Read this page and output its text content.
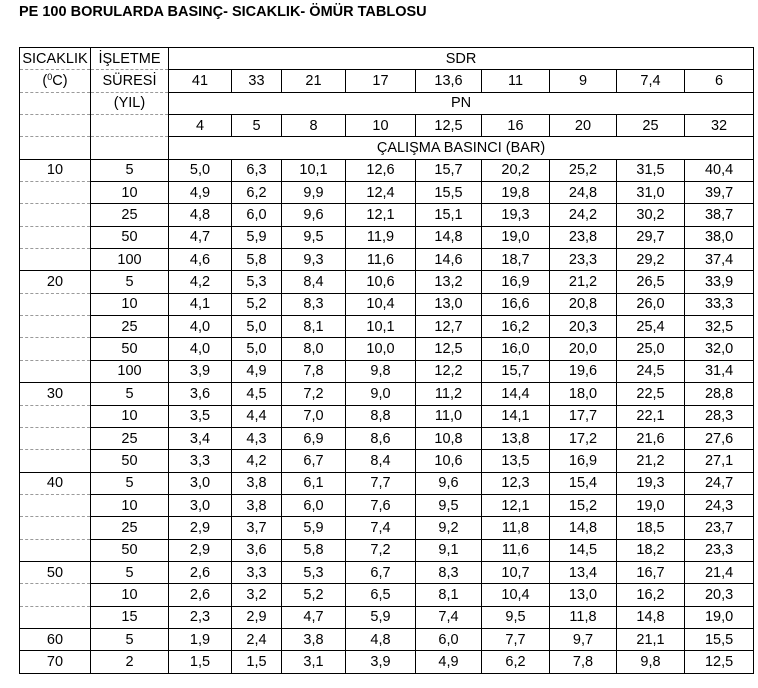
PE 100 BORULARDA BASINÇ- SICAKLIK- ÖMÜR TABLOSU
SICAKLIK	İŞLETME	SDR								
($^0$C)	SÜRESİ	41	33	21	17	13,6	11	9	7,4	6
	(YIL)	PN								
		4	5	8	10	12,5	16	20	25	32
		ÇALIŞMA BASINCI (BAR)								
10	5	5,0	6,3	10,1	12,6	15,7	20,2	25,2	31,5	40,4
	10	4,9	6,2	9,9	12,4	15,5	19,8	24,8	31,0	39,7
	25	4,8	6,0	9,6	12,1	15,1	19,3	24,2	30,2	38,7
	50	4,7	5,9	9,5	11,9	14,8	19,0	23,8	29,7	38,0
	100	4,6	5,8	9,3	11,6	14,6	18,7	23,3	29,2	37,4
20	5	4,2	5,3	8,4	10,6	13,2	16,9	21,2	26,5	33,9
	10	4,1	5,2	8,3	10,4	13,0	16,6	20,8	26,0	33,3
	25	4,0	5,0	8,1	10,1	12,7	16,2	20,3	25,4	32,5
	50	4,0	5,0	8,0	10,0	12,5	16,0	20,0	25,0	32,0
	100	3,9	4,9	7,8	9,8	12,2	15,7	19,6	24,5	31,4
30	5	3,6	4,5	7,2	9,0	11,2	14,4	18,0	22,5	28,8
	10	3,5	4,4	7,0	8,8	11,0	14,1	17,7	22,1	28,3
	25	3,4	4,3	6,9	8,6	10,8	13,8	17,2	21,6	27,6
	50	3,3	4,2	6,7	8,4	10,6	13,5	16,9	21,2	27,1
40	5	3,0	3,8	6,1	7,7	9,6	12,3	15,4	19,3	24,7
	10	3,0	3,8	6,0	7,6	9,5	12,1	15,2	19,0	24,3
	25	2,9	3,7	5,9	7,4	9,2	11,8	14,8	18,5	23,7
	50	2,9	3,6	5,8	7,2	9,1	11,6	14,5	18,2	23,3
50	5	2,6	3,3	5,3	6,7	8,3	10,7	13,4	16,7	21,4
	10	2,6	3,2	5,2	6,5	8,1	10,4	13,0	16,2	20,3
	15	2,3	2,9	4,7	5,9	7,4	9,5	11,8	14,8	19,0
60	5	1,9	2,4	3,8	4,8	6,0	7,7	9,7	21,1	15,5
70	2	1,5	1,5	3,1	3,9	4,9	6,2	7,8	9,8	12,5
